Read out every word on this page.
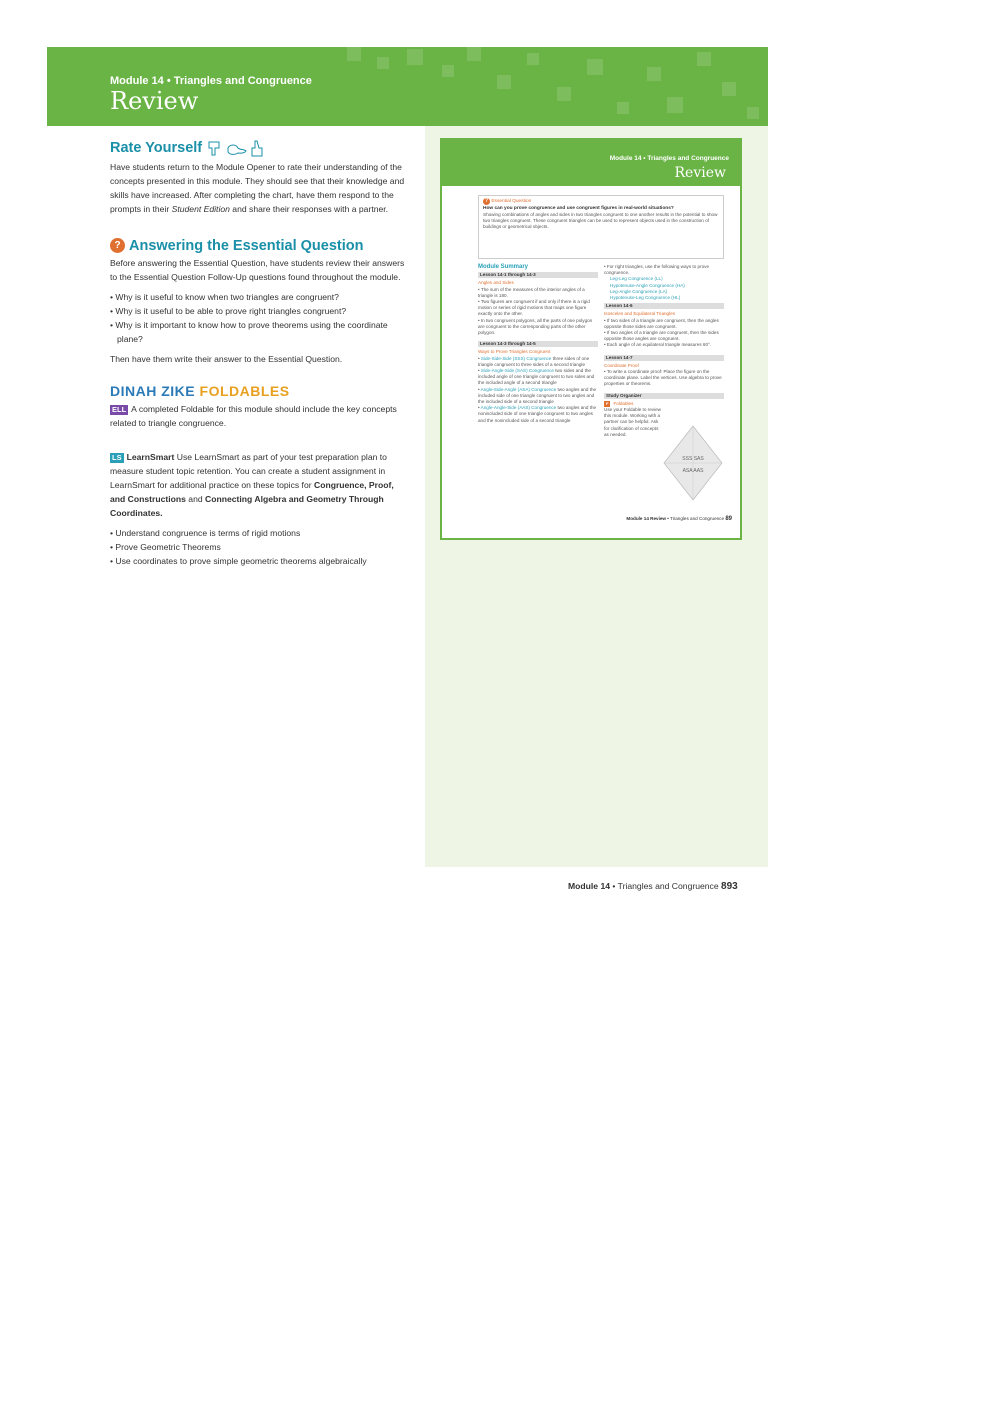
Module 14 • Triangles and Congruence
Review
Rate Yourself

Have students return to the Module Opener to rate their understanding of the concepts presented in this module. They should see that their knowledge and skills have increased. After completing the chart, have them respond to the prompts in their Student Edition and share their responses with a partner.

? Answering the Essential Question

Before answering the Essential Question, have students review their answers to the Essential Question Follow-Up questions found throughout the module.

• Why is it useful to know when two triangles are congruent?
• Why is it useful to be able to prove right triangles congruent?
• Why is it important to know how to prove theorems using the coordinate plane?

Then have them write their answer to the Essential Question.

DINAH ZIKE FOLDABLES

ELL A completed Foldable for this module should include the key concepts related to triangle congruence.

LS LearnSmart Use LearnSmart as part of your test preparation plan to measure student topic retention. You can create a student assignment in LearnSmart for additional practice on these topics for Congruence, Proof, and Constructions and Connecting Algebra and Geometry Through Coordinates.

• Understand congruence is terms of rigid motions
• Prove Geometric Theorems
• Use coordinates to prove simple geometric theorems algebraically
Module 14 • Triangles and Congruence
Review
? Essential Question
How can you prove congruence and use congruent figures in real-world situations?
Showing combinations of angles and sides in two triangles congruent to one another results in the potential to show two triangles congruent. These congruent triangles can be used to represent objects used in the construction of buildings or geometrical objects.
Module Summary
Lesson 14-1 through 14-3
Angles and Sides
• The sum of the measures of the interior angles of a triangle is 180.
• Two figures are congruent if and only if there is a rigid motion or series of rigid motions that maps one figure exactly onto the other.
• In two congruent polygons, all the parts of one polygon are congruent to the corresponding parts of the other polygon.
Lesson 14-3 through 14-5
Ways to Prove Triangles Congruent
• Side-Side-Side (SSS) Congruence three sides of one triangle congruent to three sides of a second triangle
• Side-Angle-Side (SAS) Congruence two sides and the included angle of one triangle congruent to two sides and the included angle of a second triangle
• Angle-Side-Angle (ASA) Congruence two angles and the included side of one triangle congruent to two angles and the included side of a second triangle
• Angle-Angle-Side (AAS) Congruence two angles and the nonincluded side of one triangle congruent to two angles and the nonincluded side of a second triangle
• For right triangles, use the following ways to prove congruence.
Leg-Leg Congruence (LL)
Hypotenuse-Angle Congruence (HA)
Leg-Angle Congruence (LA)
Hypotenuse-Leg Congruence (HL)
Lesson 14-6
Isosceles and Equilateral Triangles
• If two sides of a triangle are congruent, then the angles opposite those sides are congruent.
• If two angles of a triangle are congruent, then the sides opposite those angles are congruent.
• Each angle of an equilateral triangle measures 60°.
Lesson 14-7
Coordinate Proof
• To write a coordinate proof: Place the figure on the coordinate plane. Label the vertices. Use algebra to prove properties or theorems.
Study Organizer
F Foldables
Use your Foldable to review this module. Working with a partner can be helpful. Ask for clarification of concepts as needed.
SSS SAS
ASA AAS
Module 14 Review • Triangles and Congruence 89
Module 14 • Triangles and Congruence 893
